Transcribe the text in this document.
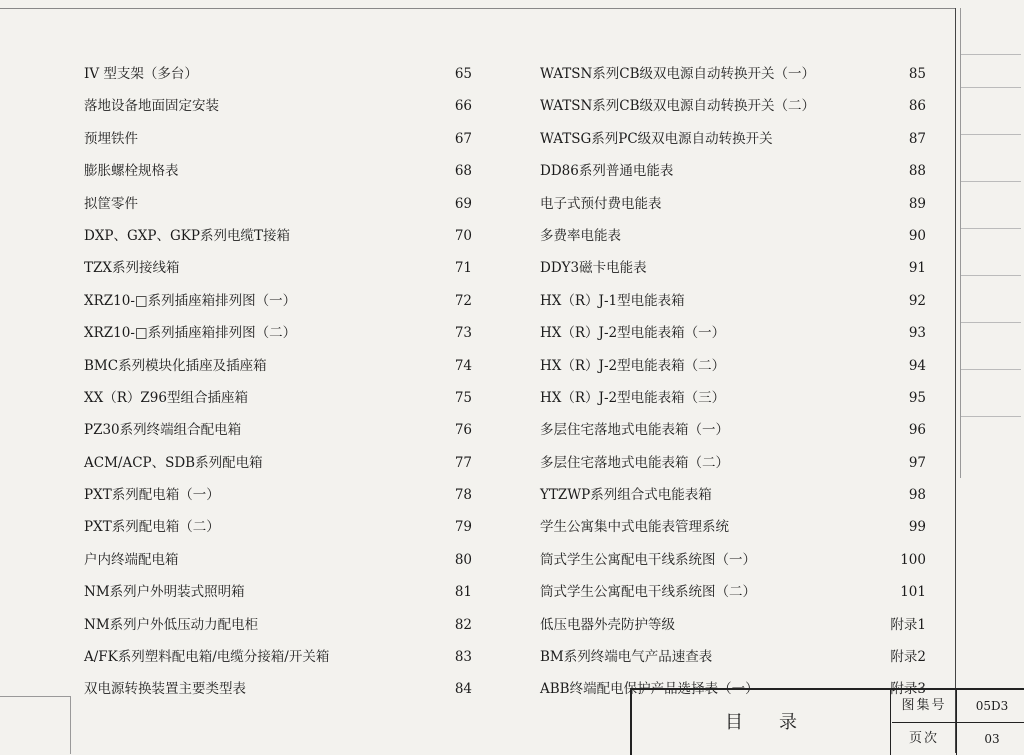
IV 型支架（多台）	65
落地设备地面固定安装	66
预埋铁件	67
膨胀螺栓规格表	68
拟筐零件	69
DXP、GXP、GKP系列电缆T接箱	70
TZX系列接线箱	71
XRZ10-□系列插座箱排列图（一）	72
XRZ10-□系列插座箱排列图（二）	73
BMC系列模块化插座及插座箱	74
XX（R）Z96型组合插座箱	75
PZ30系列终端组合配电箱	76
ACM/ACP、SDB系列配电箱	77
PXT系列配电箱（一）	78
PXT系列配电箱（二）	79
户内终端配电箱	80
NM系列户外明装式照明箱	81
NM系列户外低压动力配电柜	82
A/FK系列塑料配电箱/电缆分接箱/开关箱	83
双电源转换装置主要类型表	84
WATSN系列CB级双电源自动转换开关（一）	85
WATSN系列CB级双电源自动转换开关（二）	86
WATSG系列PC级双电源自动转换开关	87
DD86系列普通电能表	88
电子式预付费电能表	89
多费率电能表	90
DDY3磁卡电能表	91
HX（R）J-1型电能表箱	92
HX（R）J-2型电能表箱（一）	93
HX（R）J-2型电能表箱（二）	94
HX（R）J-2型电能表箱（三）	95
多层住宅落地式电能表箱（一）	96
多层住宅落地式电能表箱（二）	97
YTZWP系列组合式电能表箱	98
学生公寓集中式电能表管理系统	99
筒式学生公寓配电干线系统图（一）	100
筒式学生公寓配电干线系统图（二）	101
低压电器外壳防护等级	附录1
BM系列终端电气产品速查表	附录2
ABB终端配电保护产品选择表（一）	附录3
目录
图集号	05D3
页次	03
